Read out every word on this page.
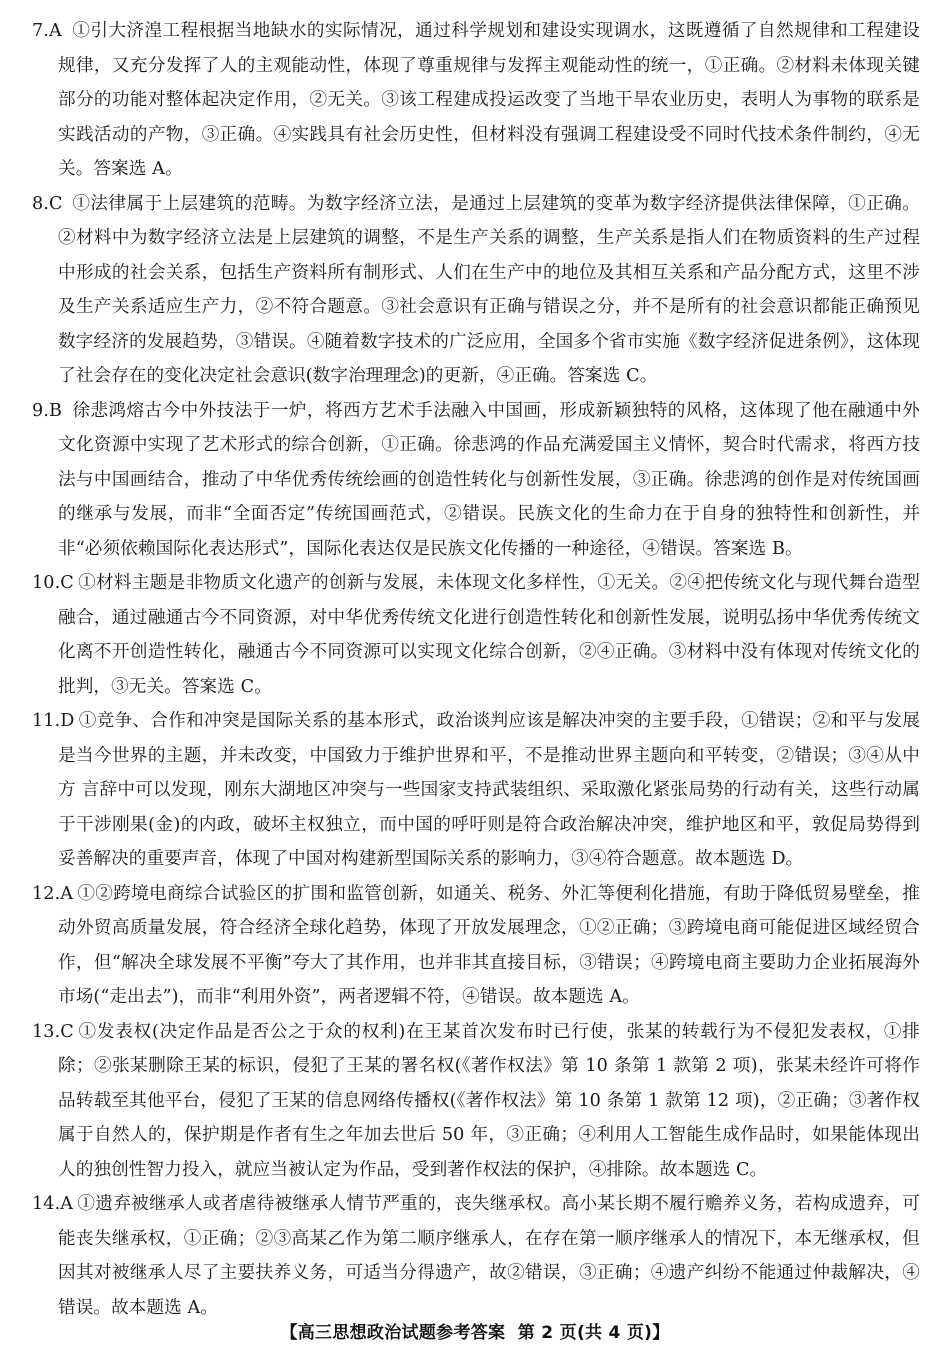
7.A ①引大济湟工程根据当地缺水的实际情况，通过科学规划和建设实现调水，这既遵循了自然规律和工程建设规律，又充分发挥了人的主观能动性，体现了尊重规律与发挥主观能动性的统一，①正确。②材料未体现关键部分的功能对整体起决定作用，②无关。③该工程建成投运改变了当地干旱农业历史，表明人为事物的联系是实践活动的产物，③正确。④实践具有社会历史性，但材料没有强调工程建设受不同时代技术条件制约，④无关。答案选 A。

8.C ①法律属于上层建筑的范畴。为数字经济立法，是通过上层建筑的变革为数字经济提供法律保障，①正确。②材料中为数字经济立法是上层建筑的调整，不是生产关系的调整，生产关系是指人们在物质资料的生产过程中形成的社会关系，包括生产资料所有制形式、人们在生产中的地位及其相互关系和产品分配方式，这里不涉及生产关系适应生产力，②不符合题意。③社会意识有正确与错误之分，并不是所有的社会意识都能正确预见数字经济的发展趋势，③错误。④随着数字技术的广泛应用，全国多个省市实施《数字经济促进条例》，这体现了社会存在的变化决定社会意识(数字治理理念)的更新，④正确。答案选 C。

9.B 徐悲鸿熔古今中外技法于一炉，将西方艺术手法融入中国画，形成新颖独特的风格，这体现了他在融通中外文化资源中实现了艺术形式的综合创新，①正确。徐悲鸿的作品充满爱国主义情怀，契合时代需求，将西方技法与中国画结合，推动了中华优秀传统绘画的创造性转化与创新性发展，③正确。徐悲鸿的创作是对传统国画的继承与发展，而非“全面否定”传统国画范式，②错误。民族文化的生命力在于自身的独特性和创新性，并非“必须依赖国际化表达形式”，国际化表达仅是民族文化传播的一种途径，④错误。答案选 B。

10.C ①材料主题是非物质文化遗产的创新与发展，未体现文化多样性，①无关。②④把传统文化与现代舞台造型融合，通过融通古今不同资源，对中华优秀传统文化进行创造性转化和创新性发展，说明弘扬中华优秀传统文化离不开创造性转化，融通古今不同资源可以实现文化综合创新，②④正确。③材料中没有体现对传统文化的批判，③无关。答案选 C。

11.D ①竞争、合作和冲突是国际关系的基本形式，政治谈判应该是解决冲突的主要手段，①错误；②和平与发展是当今世界的主题，并未改变，中国致力于维护世界和平，不是推动世界主题向和平转变，②错误；③④从中方 言辞中可以发现，刚东大湖地区冲突与一些国家支持武装组织、采取激化紧张局势的行动有关，这些行动属于干涉刚果(金)的内政，破坏主权独立，而中国的呼吁则是符合政治解决冲突，维护地区和平，敦促局势得到妥善解决的重要声音，体现了中国对构建新型国际关系的影响力，③④符合题意。故本题选 D。

12.A ①②跨境电商综合试验区的扩围和监管创新，如通关、税务、外汇等便利化措施，有助于降低贸易壁垒，推动外贸高质量发展，符合经济全球化趋势，体现了开放发展理念，①②正确；③跨境电商可能促进区域经贸合作，但“解决全球发展不平衡”夸大了其作用，也并非其直接目标，③错误；④跨境电商主要助力企业拓展海外市场(“走出去”)，而非“利用外资”，两者逻辑不符，④错误。故本题选 A。

13.C ①发表权(决定作品是否公之于众的权利)在王某首次发布时已行使，张某的转载行为不侵犯发表权，①排除；②张某删除王某的标识，侵犯了王某的署名权(《著作权法》第 10 条第 1 款第 2 项)，张某未经许可将作品转载至其他平台，侵犯了王某的信息网络传播权(《著作权法》第 10 条第 1 款第 12 项)，②正确；③著作权属于自然人的，保护期是作者有生之年加去世后 50 年，③正确；④利用人工智能生成作品时，如果能体现出人的独创性智力投入，就应当被认定为作品，受到著作权法的保护，④排除。故本题选 C。

14.A ①遗弃被继承人或者虐待被继承人情节严重的，丧失继承权。高小某长期不履行赡养义务，若构成遗弃，可能丧失继承权，①正确；②③高某乙作为第二顺序继承人，在存在第一顺序继承人的情况下，本无继承权，但因其对被继承人尽了主要扶养义务，可适当分得遗产，故②错误，③正确；④遗产纠纷不能通过仲裁解决，④错误。故本题选 A。

【高三思想政治试题参考答案 第 2 页(共 4 页)】
